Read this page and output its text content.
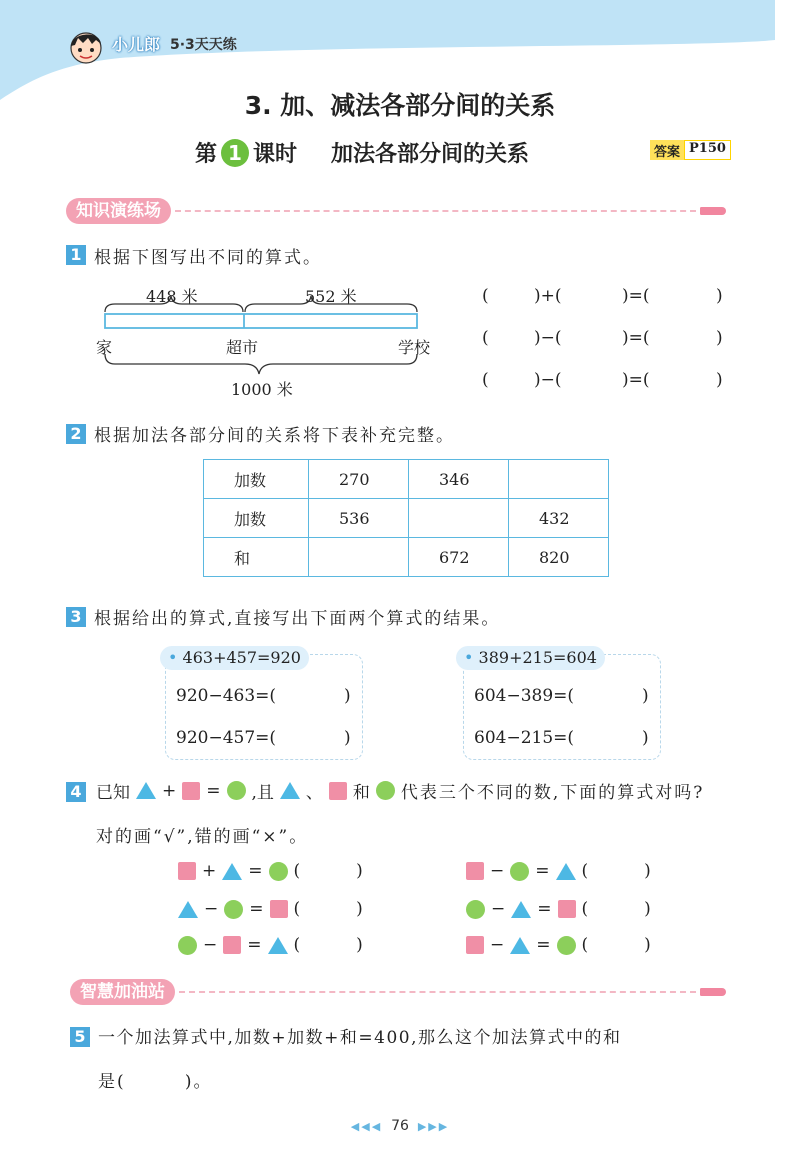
小儿郎 5·3天天练
3. 加、减法各部分间的关系
第 1 课时 加法各部分间的关系	答案 P150
知识演练场
1 根据下图写出不同的算式。
448 米	552 米
家	超市	学校
1000 米
(	)+(	)=(	)
(	)−(	)=(	)
(	)−(	)=(	)
2 根据加法各部分间的关系将下表补充完整。
加数	270	346	
加数	536		432
和		672	820
3 根据给出的算式,直接写出下面两个算式的结果。
• 463+457=920
920−463=(	)
920−457=(	)
• 389+215=604
604−389=(	)
604−215=(	)
4 已知 + = ,且 、 和 代表三个不同的数,下面的算式对吗?
对的画“√”,错的画“×”。
+ = (	)
− = (	)
− = (	)
− = (	)
− = (	)
− = (	)
智慧加油站
5 一个加法算式中,加数+加数+和=400,那么这个加法算式中的和
是(        )。
◀◀◀ 76 ▶▶▶
